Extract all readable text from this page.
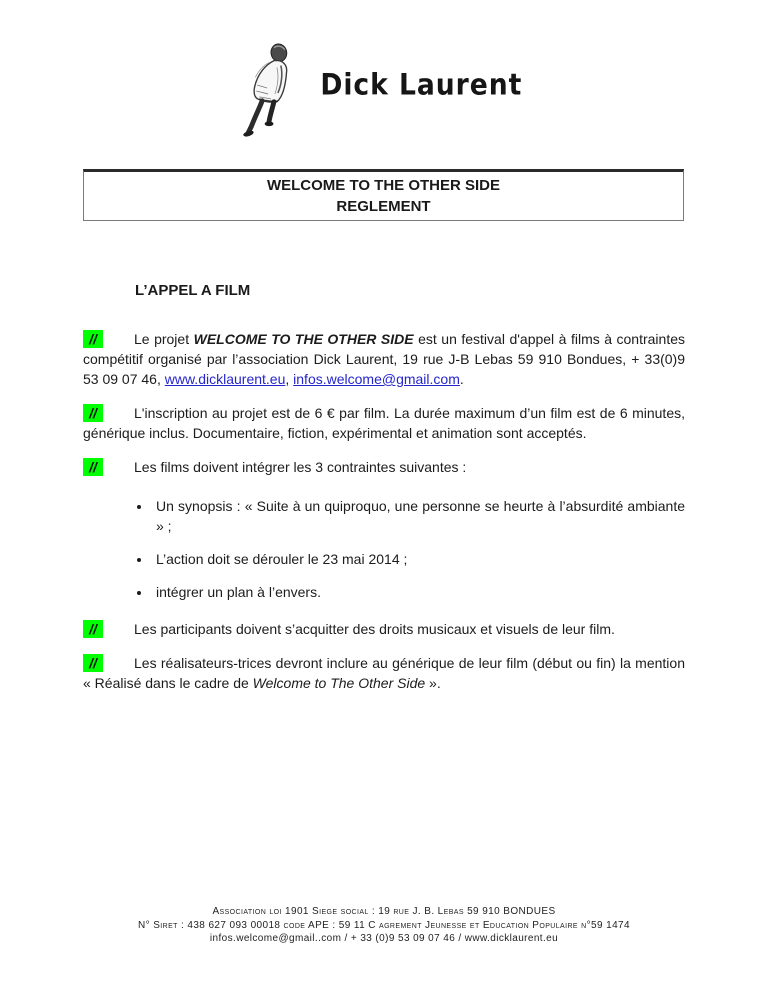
Dick Laurent
WELCOME TO THE OTHER SIDE
REGLEMENT
L’APPEL A FILM

//	Le projet WELCOME TO THE OTHER SIDE est un festival d'appel à films à contraintes compétitif organisé par l’association Dick Laurent, 19 rue J-B Lebas 59 910 Bondues, + 33(0)9 53 09 07 46, www.dicklaurent.eu, infos.welcome@gmail.com.

//	L'inscription au projet est de 6 € par film. La durée maximum d’un film est de 6 minutes, générique inclus. Documentaire, fiction, expérimental et animation sont acceptés.

//	Les films doivent intégrer les 3 contraintes suivantes :

• Un synopsis : « Suite à un quiproquo, une personne se heurte à l’absurdité ambiante » ;
• L’action doit se dérouler le 23 mai 2014 ;
• intégrer un plan à l’envers.

//	Les participants doivent s’acquitter des droits musicaux et visuels de leur film.

//	Les réalisateurs-trices devront inclure au générique de leur film (début ou fin) la mention « Réalisé dans le cadre de Welcome to The Other Side ».

Association loi 1901 Siege social : 19 rue J. B. Lebas 59 910 BONDUES
N° Siret : 438 627 093 00018 code APE : 59 11 C agrement Jeunesse et Education Populaire n°59 1474
infos.welcome@gmail..com / + 33 (0)9 53 09 07 46 / www.dicklaurent.eu
